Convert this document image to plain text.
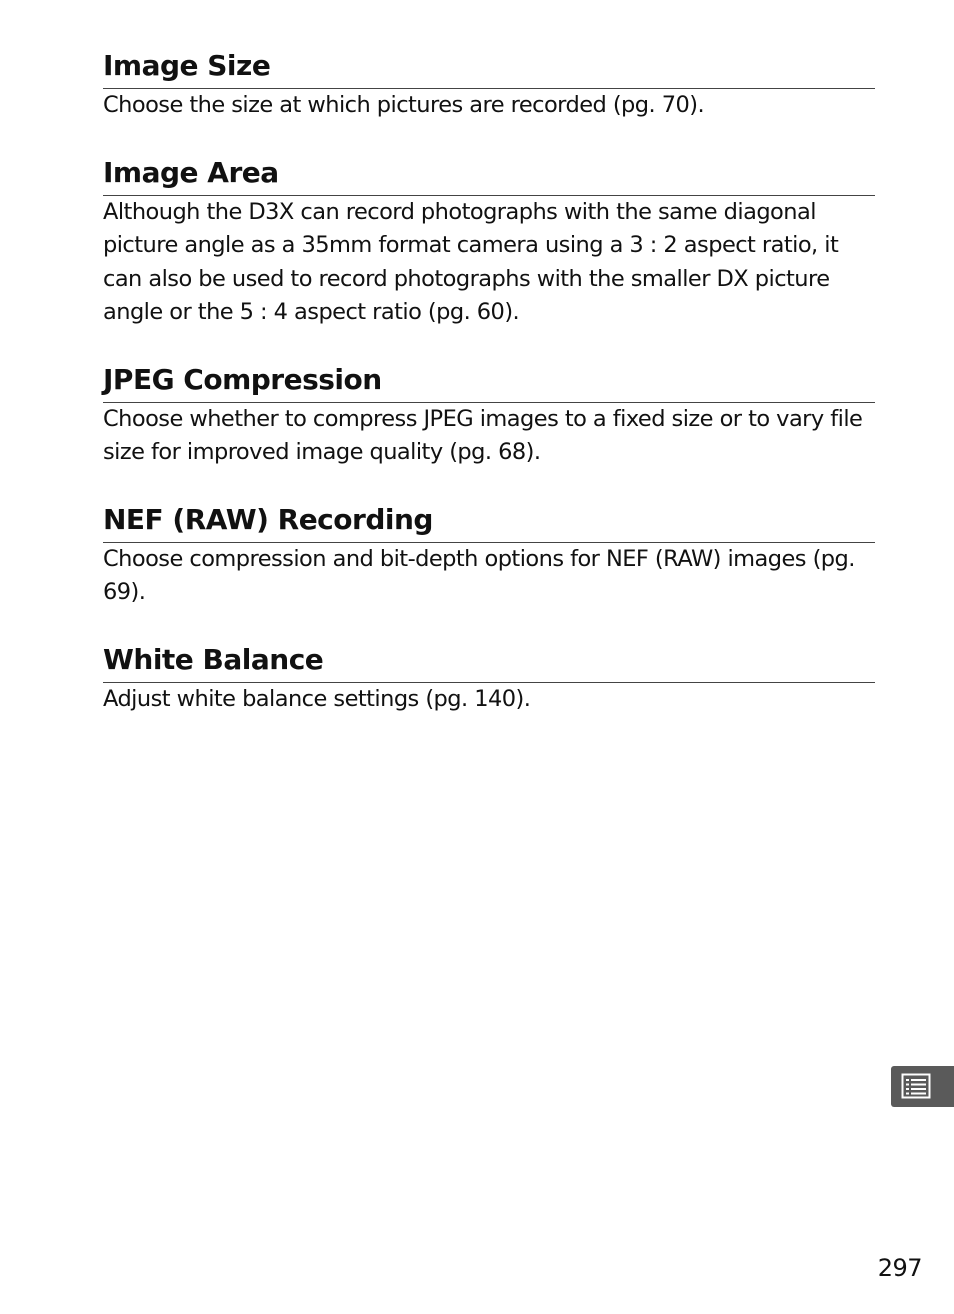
Image Size

Choose the size at which pictures are recorded (pg. 70).

Image Area

Although the D3X can record photographs with the same diagonal picture angle as a 35mm format camera using a 3 : 2 aspect ratio, it can also be used to record photographs with the smaller DX picture angle or the 5 : 4 aspect ratio (pg. 60).

JPEG Compression

Choose whether to compress JPEG images to a fixed size or to vary file size for improved image quality (pg. 68).

NEF (RAW) Recording

Choose compression and bit-depth options for NEF (RAW) images (pg. 69).

White Balance

Adjust white balance settings (pg. 140).

297
